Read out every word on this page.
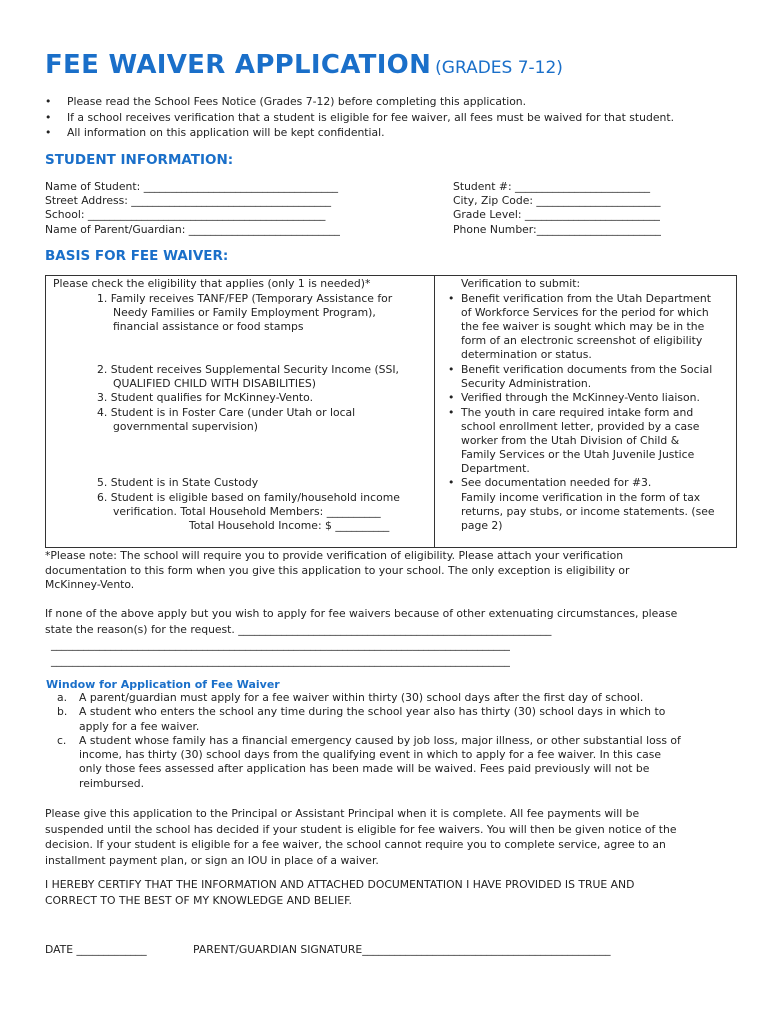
FEE WAIVER APPLICATION (GRADES 7-12)
• Please read the School Fees Notice (Grades 7-12) before completing this application.
• If a school receives verification that a student is eligible for fee waiver, all fees must be waived for that student.
• All information on this application will be kept confidential.
STUDENT INFORMATION:
Name of Student: ____________________________________
Street Address: _____________________________________
School: ____________________________________________
Name of Parent/Guardian: ____________________________
Student #: _________________________
City, Zip Code: _______________________
Grade Level: _________________________
Phone Number:_______________________
BASIS FOR FEE WAIVER:
Please check the eligibility that applies (only 1 is needed)*
1. Family receives TANF/FEP (Temporary Assistance for
Needy Families or Family Employment Program),
financial assistance or food stamps
2. Student receives Supplemental Security Income (SSI,
QUALIFIED CHILD WITH DISABILITIES)
3. Student qualifies for McKinney-Vento.
4. Student is in Foster Care (under Utah or local
governmental supervision)
5. Student is in State Custody
6. Student is eligible based on family/household income
verification. Total Household Members: __________
Total Household Income: $ __________

Verification to submit:
• Benefit verification from the Utah Department
of Workforce Services for the period for which
the fee waiver is sought which may be in the
form of an electronic screenshot of eligibility
determination or status.
• Benefit verification documents from the Social
Security Administration.
• Verified through the McKinney-Vento liaison.
• The youth in care required intake form and
school enrollment letter, provided by a case
worker from the Utah Division of Child &
Family Services or the Utah Juvenile Justice
Department.
• See documentation needed for #3.
Family income verification in the form of tax
returns, pay stubs, or income statements. (see
page 2)
*Please note: The school will require you to provide verification of eligibility. Please attach your verification
documentation to this form when you give this application to your school. The only exception is eligibility or
McKinney-Vento.
If none of the above apply but you wish to apply for fee waivers because of other extenuating circumstances, please
state the reason(s) for the request. __________________________________________________________
_____________________________________________________________________________________
_____________________________________________________________________________________
Window for Application of Fee Waiver
a. A parent/guardian must apply for a fee waiver within thirty (30) school days after the first day of school.
b. A student who enters the school any time during the school year also has thirty (30) school days in which to
apply for a fee waiver.
c. A student whose family has a financial emergency caused by job loss, major illness, or other substantial loss of
income, has thirty (30) school days from the qualifying event in which to apply for a fee waiver. In this case
only those fees assessed after application has been made will be waived. Fees paid previously will not be
reimbursed.
Please give this application to the Principal or Assistant Principal when it is complete. All fee payments will be
suspended until the school has decided if your student is eligible for fee waivers. You will then be given notice of the
decision. If your student is eligible for a fee waiver, the school cannot require you to complete service, agree to an
installment payment plan, or sign an IOU in place of a waiver.
I HEREBY CERTIFY THAT THE INFORMATION AND ATTACHED DOCUMENTATION I HAVE PROVIDED IS TRUE AND
CORRECT TO THE BEST OF MY KNOWLEDGE AND BELIEF.
DATE _____________	PARENT/GUARDIAN SIGNATURE______________________________________________
